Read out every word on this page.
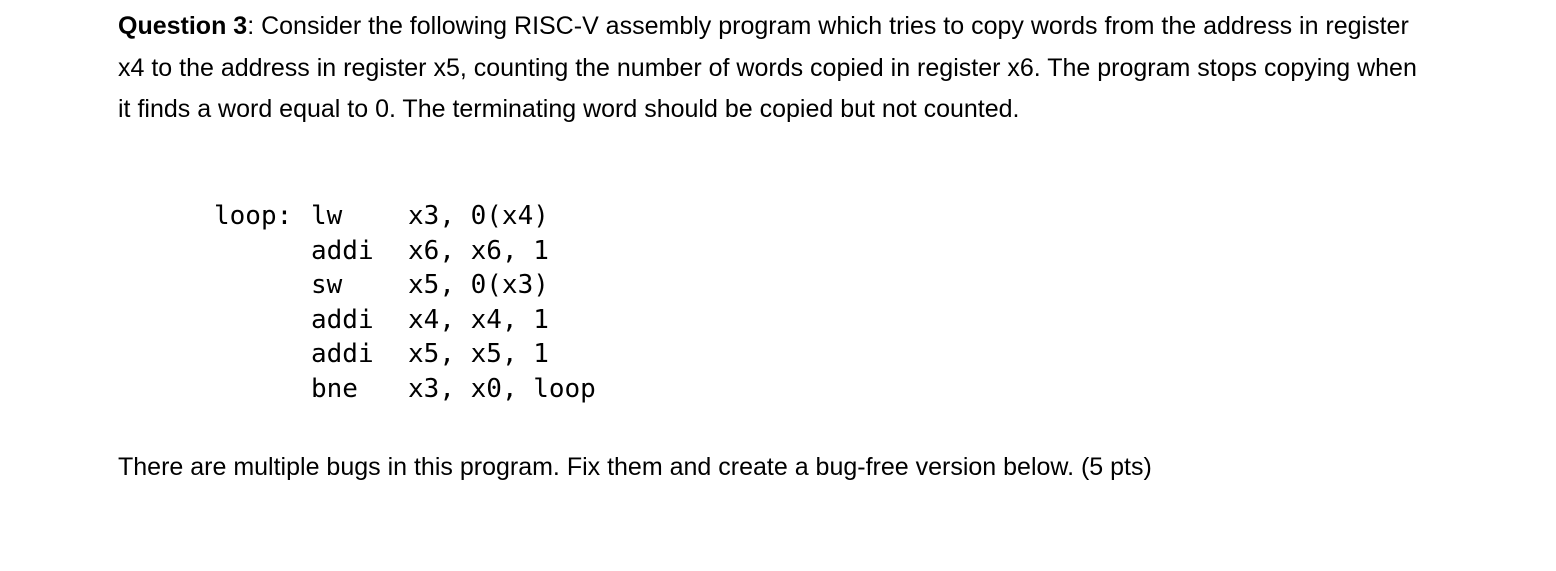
Question 3: Consider the following RISC-V assembly program which tries to copy words from the address in register x4 to the address in register x5, counting the number of words copied in register x6. The program stops copying when it finds a word equal to 0. The terminating word should be copied but not counted.
loop: lw	x3, 0(x4)
addi	x6, x6, 1
sw	x5, 0(x3)
addi	x4, x4, 1
addi	x5, x5, 1
bne	x3, x0, loop
There are multiple bugs in this program. Fix them and create a bug-free version below. (5 pts)
